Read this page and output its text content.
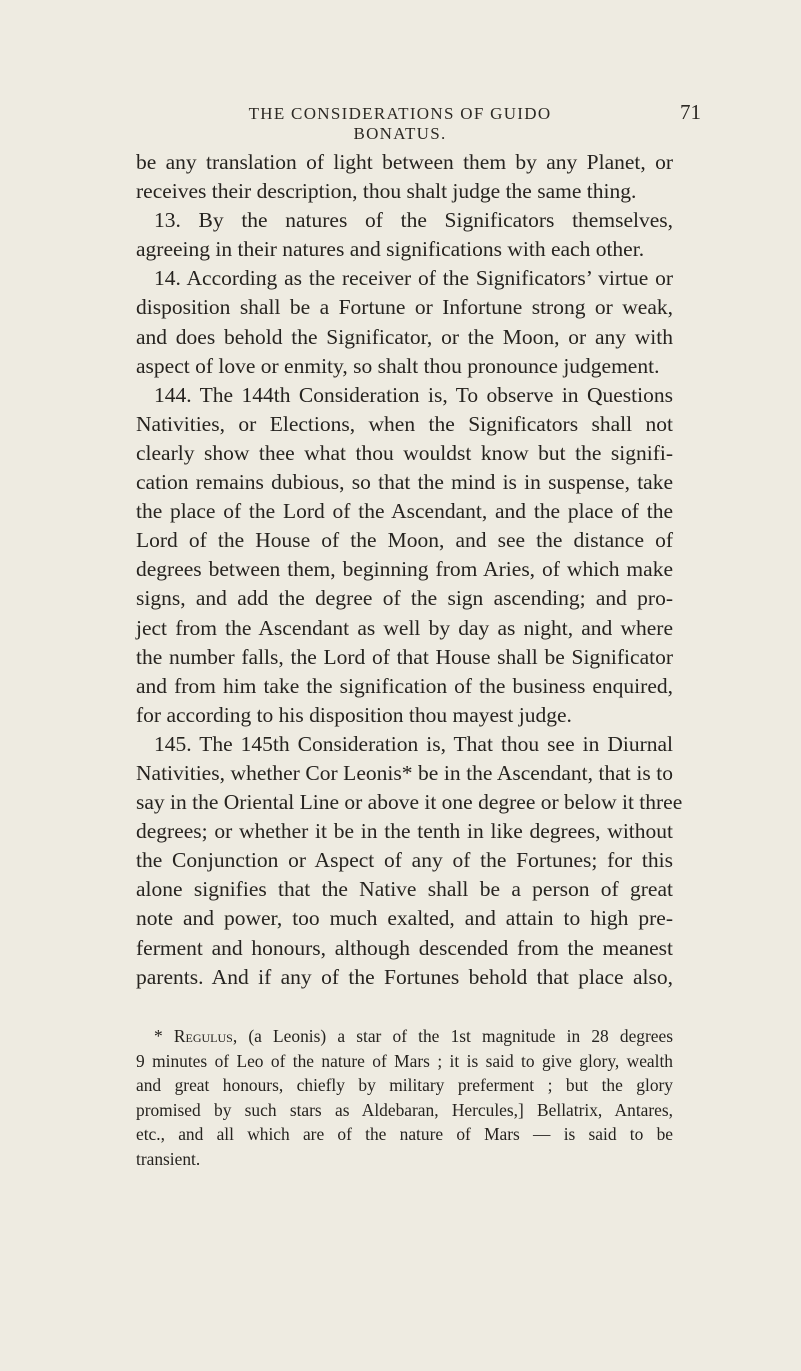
THE CONSIDERATIONS OF GUIDO BONATUS.
71
be any translation of light between them by any Planet, or
receives their description, thou shalt judge the same thing.
13. By the natures of the Significators themselves,
agreeing in their natures and significations with each other.
14. According as the receiver of the Significators’ virtue or
disposition shall be a Fortune or Infortune strong or weak,
and does behold the Significator, or the Moon, or any with
aspect of love or enmity, so shalt thou pronounce judgement.
144. The 144th Consideration is, To observe in Questions
Nativities, or Elections, when the Significators shall not
clearly show thee what thou wouldst know but the signifi-
cation remains dubious, so that the mind is in suspense, take
the place of the Lord of the Ascendant, and the place of the
Lord of the House of the Moon, and see the distance of
degrees between them, beginning from Aries, of which make
signs, and add the degree of the sign ascending; and pro-
ject from the Ascendant as well by day as night, and where
the number falls, the Lord of that House shall be Significator
and from him take the signification of the business enquired,
for according to his disposition thou mayest judge.
145. The 145th Consideration is, That thou see in Diurnal
Nativities, whether Cor Leonis* be in the Ascendant, that is to
say in the Oriental Line or above it one degree or below it three
degrees; or whether it be in the tenth in like degrees, without
the Conjunction or Aspect of any of the Fortunes; for this
alone signifies that the Native shall be a person of great
note and power, too much exalted, and attain to high pre-
ferment and honours, although descended from the meanest
parents. And if any of the Fortunes behold that place also,
* Regulus, (a Leonis) a star of the 1st magnitude in 28 degrees
9 minutes of Leo of the nature of Mars ; it is said to give glory, wealth
and great honours, chiefly by military preferment ; but the glory
promised by such stars as Aldebaran, Hercules,] Bellatrix, Antares,
etc., and all which are of the nature of Mars — is said to be
transient.
